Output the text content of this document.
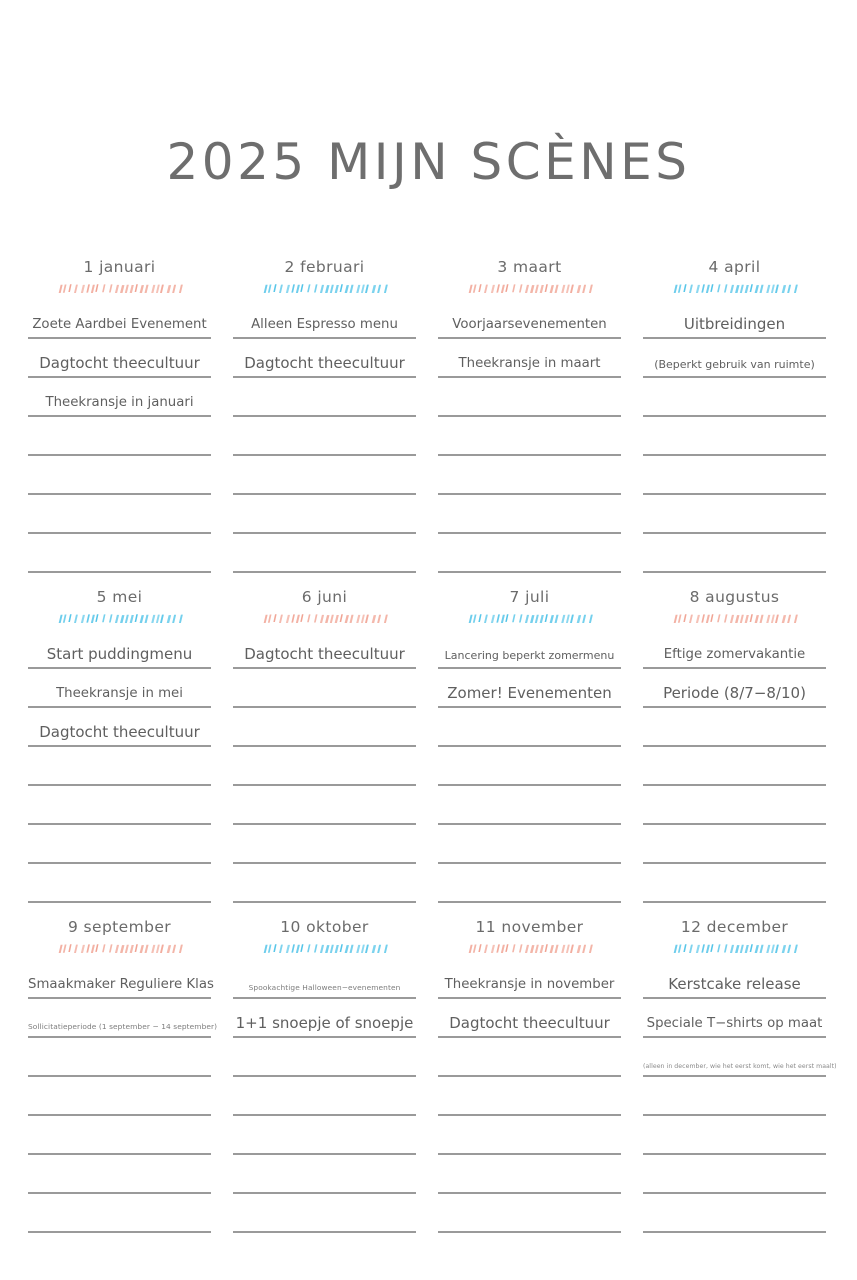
2025 MIJN SCÈNES
1 januari
Zoete Aardbei Evenement
Dagtocht theecultuur
Theekransje in januari
2 februari
Alleen Espresso menu
Dagtocht theecultuur
3 maart
Voorjaarsevenementen
Theekransje in maart
4 april
Uitbreidingen
(Beperkt gebruik van ruimte)
5 mei
Start puddingmenu
Theekransje in mei
Dagtocht theecultuur
6 juni
Dagtocht theecultuur
7 juli
Lancering beperkt zomermenu
Zomer! Evenementen
8 augustus
Eftige zomervakantie
Periode (8/7−8/10)
9 september
Smaakmaker Reguliere Klas
Sollicitatieperiode (1 september − 14 september)
10 oktober
Spookachtige Halloween−evenementen
1+1 snoepje of snoepje
11 november
Theekransje in november
Dagtocht theecultuur
12 december
Kerstcake release
Speciale T−shirts op maat
(alleen in december, wie het eerst komt, wie het eerst maalt)
